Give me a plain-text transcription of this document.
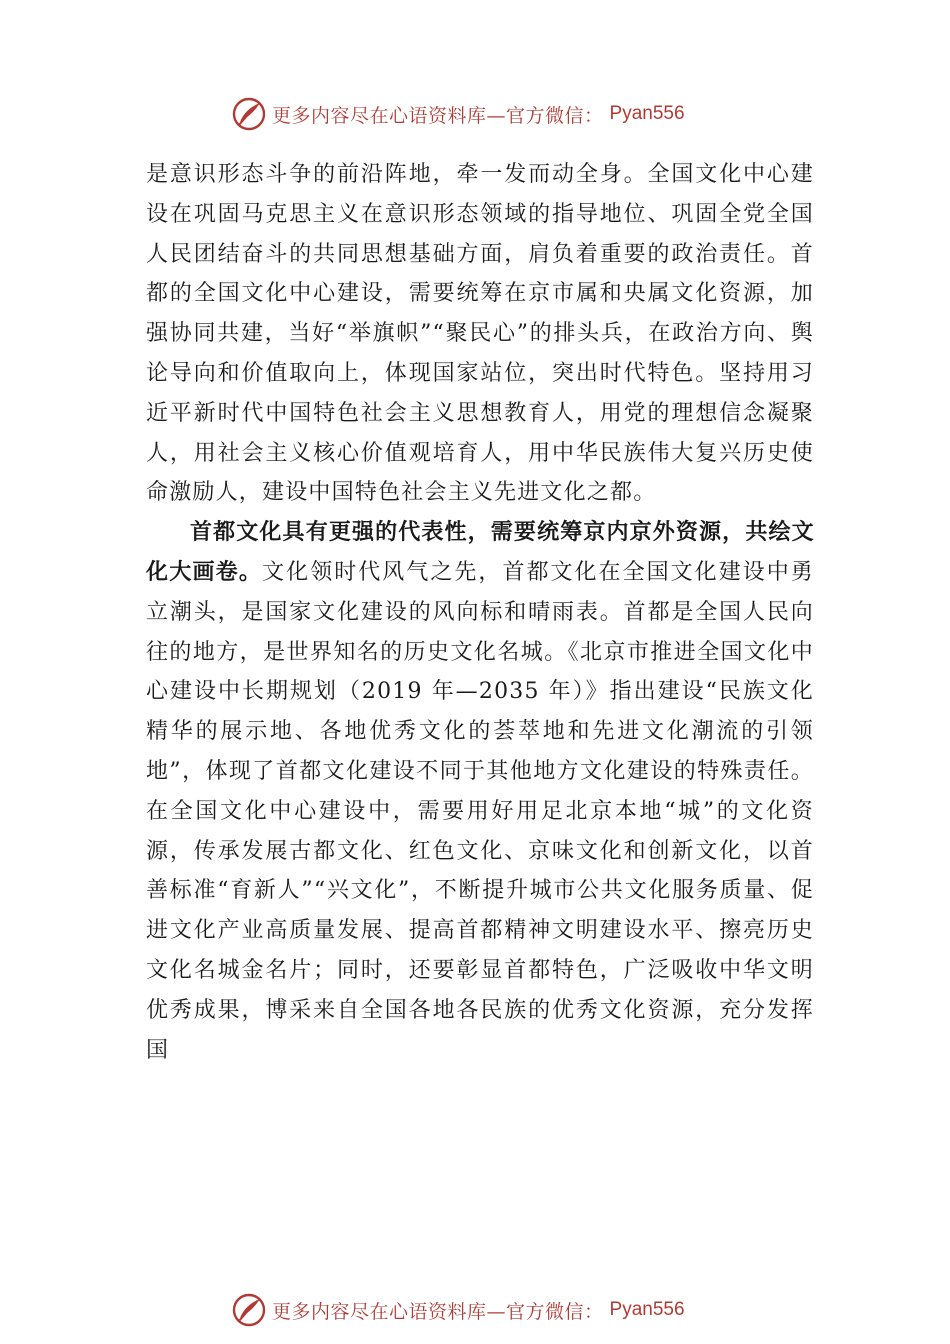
更多内容尽在心语资料库—官方微信： Pyan556

是意识形态斗争的前沿阵地，牵一发而动全身。全国文化中心建设在巩固马克思主义在意识形态领域的指导地位、巩固全党全国人民团结奋斗的共同思想基础方面，肩负着重要的政治责任。首都的全国文化中心建设，需要统筹在京市属和央属文化资源，加强协同共建，当好“举旗帜”“聚民心”的排头兵，在政治方向、舆论导向和价值取向上，体现国家站位，突出时代特色。坚持用习近平新时代中国特色社会主义思想教育人，用党的理想信念凝聚人，用社会主义核心价值观培育人，用中华民族伟大复兴历史使命激励人，建设中国特色社会主义先进文化之都。

首都文化具有更强的代表性，需要统筹京内京外资源，共绘文化大画卷。文化领时代风气之先，首都文化在全国文化建设中勇立潮头，是国家文化建设的风向标和晴雨表。首都是全国人民向往的地方，是世界知名的历史文化名城。《北京市推进全国文化中心建设中长期规划（2019 年—2035 年）》指出建设“民族文化精华的展示地、各地优秀文化的荟萃地和先进文化潮流的引领地”，体现了首都文化建设不同于其他地方文化建设的特殊责任。在全国文化中心建设中，需要用好用足北京本地“城”的文化资源，传承发展古都文化、红色文化、京味文化和创新文化，以首善标准“育新人”“兴文化”，不断提升城市公共文化服务质量、促进文化产业高质量发展、提高首都精神文明建设水平、擦亮历史文化名城金名片；同时，还要彰显首都特色，广泛吸收中华文明优秀成果，博采来自全国各地各民族的优秀文化资源，充分发挥国

更多内容尽在心语资料库—官方微信： Pyan556
